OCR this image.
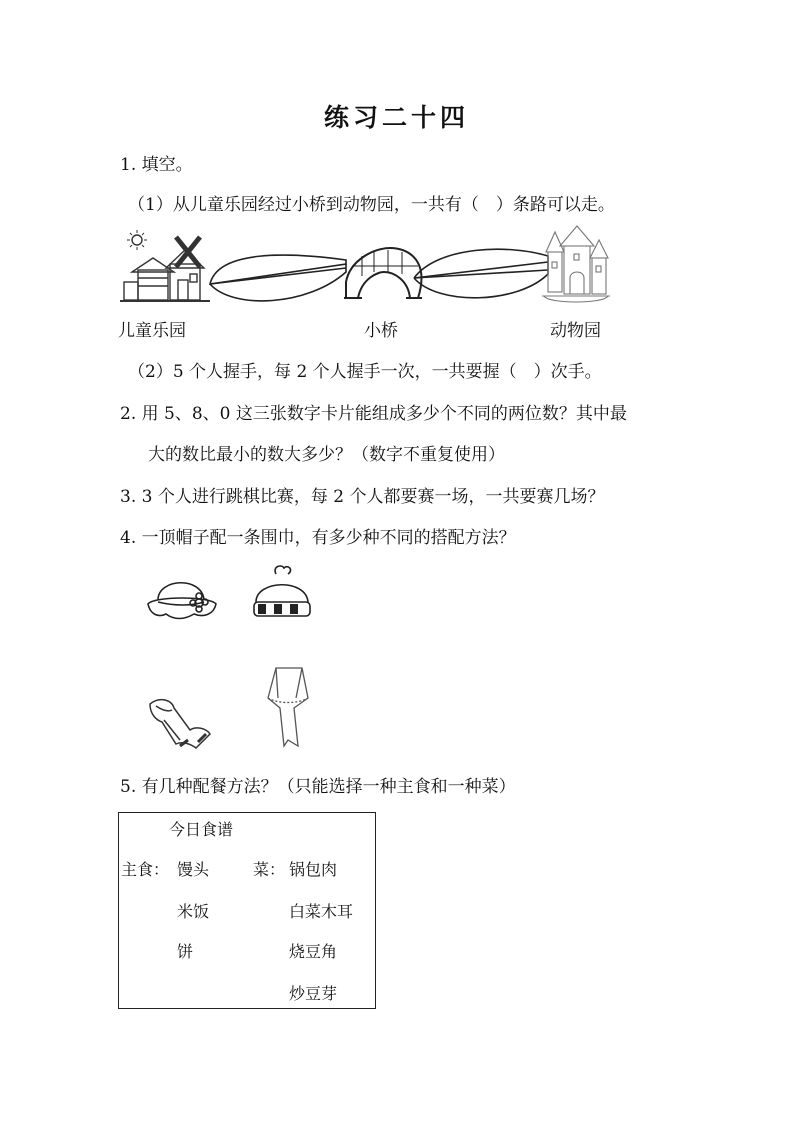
练习二十四
1. 填空。
（1）从儿童乐园经过小桥到动物园，一共有（　）条路可以走。
儿童乐园	小桥	动物园
（2）5 个人握手，每 2 个人握手一次，一共要握（　）次手。
2. 用 5、8、0 这三张数字卡片能组成多少个不同的两位数？其中最
大的数比最小的数大多少？（数字不重复使用）
3. 3 个人进行跳棋比赛，每 2 个人都要赛一场，一共要赛几场？
4. 一顶帽子配一条围巾，有多少种不同的搭配方法？
5. 有几种配餐方法？（只能选择一种主食和一种菜）
今日食谱
主食： 馒头
米饭
饼
菜： 锅包肉
白菜木耳
烧豆角
炒豆芽
